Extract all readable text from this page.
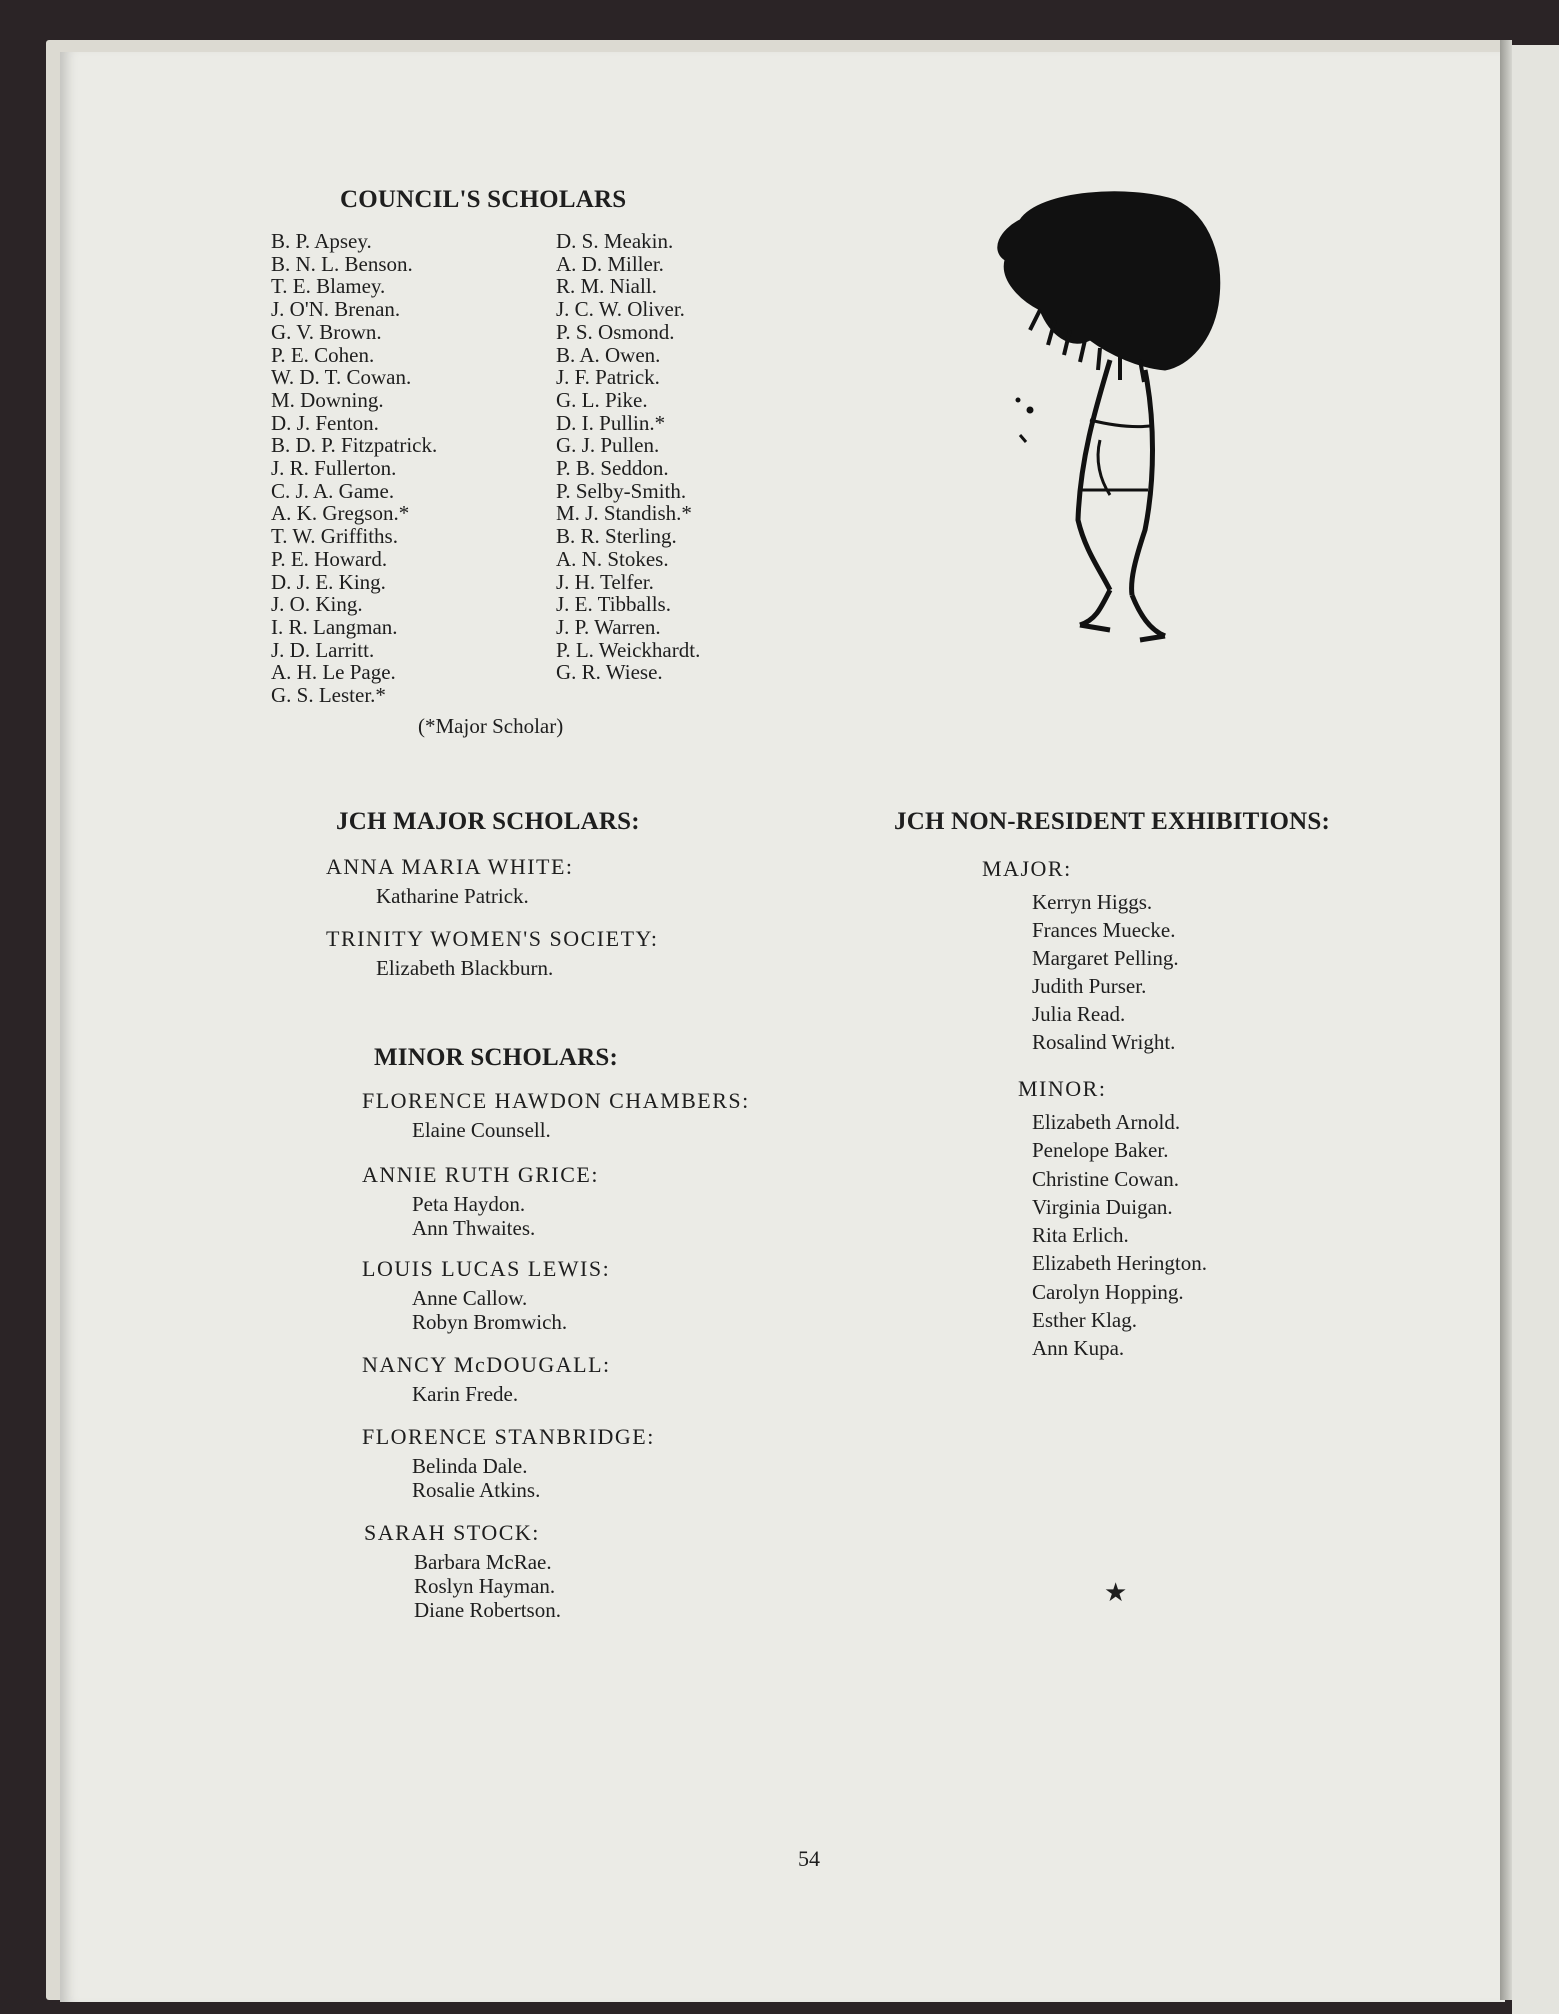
COUNCIL'S SCHOLARS

B. P. Apsey.

B. N. L. Benson.

T. E. Blamey.

J. O'N. Brenan.

G. V. Brown.

P. E. Cohen.

W. D. T. Cowan.

M. Downing.

D. J. Fenton.

B. D. P. Fitzpatrick.

J. R. Fullerton.

C. J. A. Game.

A. K. Gregson.*

T. W. Griffiths.

P. E. Howard.

D. J. E. King.

J. O. King.

I. R. Langman.

J. D. Larritt.

A. H. Le Page.

G. S. Lester.*

D. S. Meakin.

A. D. Miller.

R. M. Niall.

J. C. W. Oliver.

P. S. Osmond.

B. A. Owen.

J. F. Patrick.

G. L. Pike.

D. I. Pullin.*

G. J. Pullen.

P. B. Seddon.

P. Selby-Smith.

M. J. Standish.*

B. R. Sterling.

A. N. Stokes.

J. H. Telfer.

J. E. Tibballs.

J. P. Warren.

P. L. Weickhardt.

G. R. Wiese.

(*Major Scholar)

JCH MAJOR SCHOLARS:

ANNA MARIA WHITE:

Katharine Patrick.

TRINITY WOMEN'S SOCIETY:

Elizabeth Blackburn.

MINOR SCHOLARS:

FLORENCE HAWDON CHAMBERS:

Elaine Counsell.

ANNIE RUTH GRICE:

Peta Haydon.

Ann Thwaites.

LOUIS LUCAS LEWIS:

Anne Callow.

Robyn Bromwich.

NANCY McDOUGALL:

Karin Frede.

FLORENCE STANBRIDGE:

Belinda Dale.

Rosalie Atkins.

SARAH STOCK:

Barbara McRae.

Roslyn Hayman.

Diane Robertson.

JCH NON-RESIDENT EXHIBITIONS:

MAJOR:

Kerryn Higgs.

Frances Muecke.

Margaret Pelling.

Judith Purser.

Julia Read.

Rosalind Wright.

MINOR:

Elizabeth Arnold.

Penelope Baker.

Christine Cowan.

Virginia Duigan.

Rita Erlich.

Elizabeth Herington.

Carolyn Hopping.

Esther Klag.

Ann Kupa.

★
54
